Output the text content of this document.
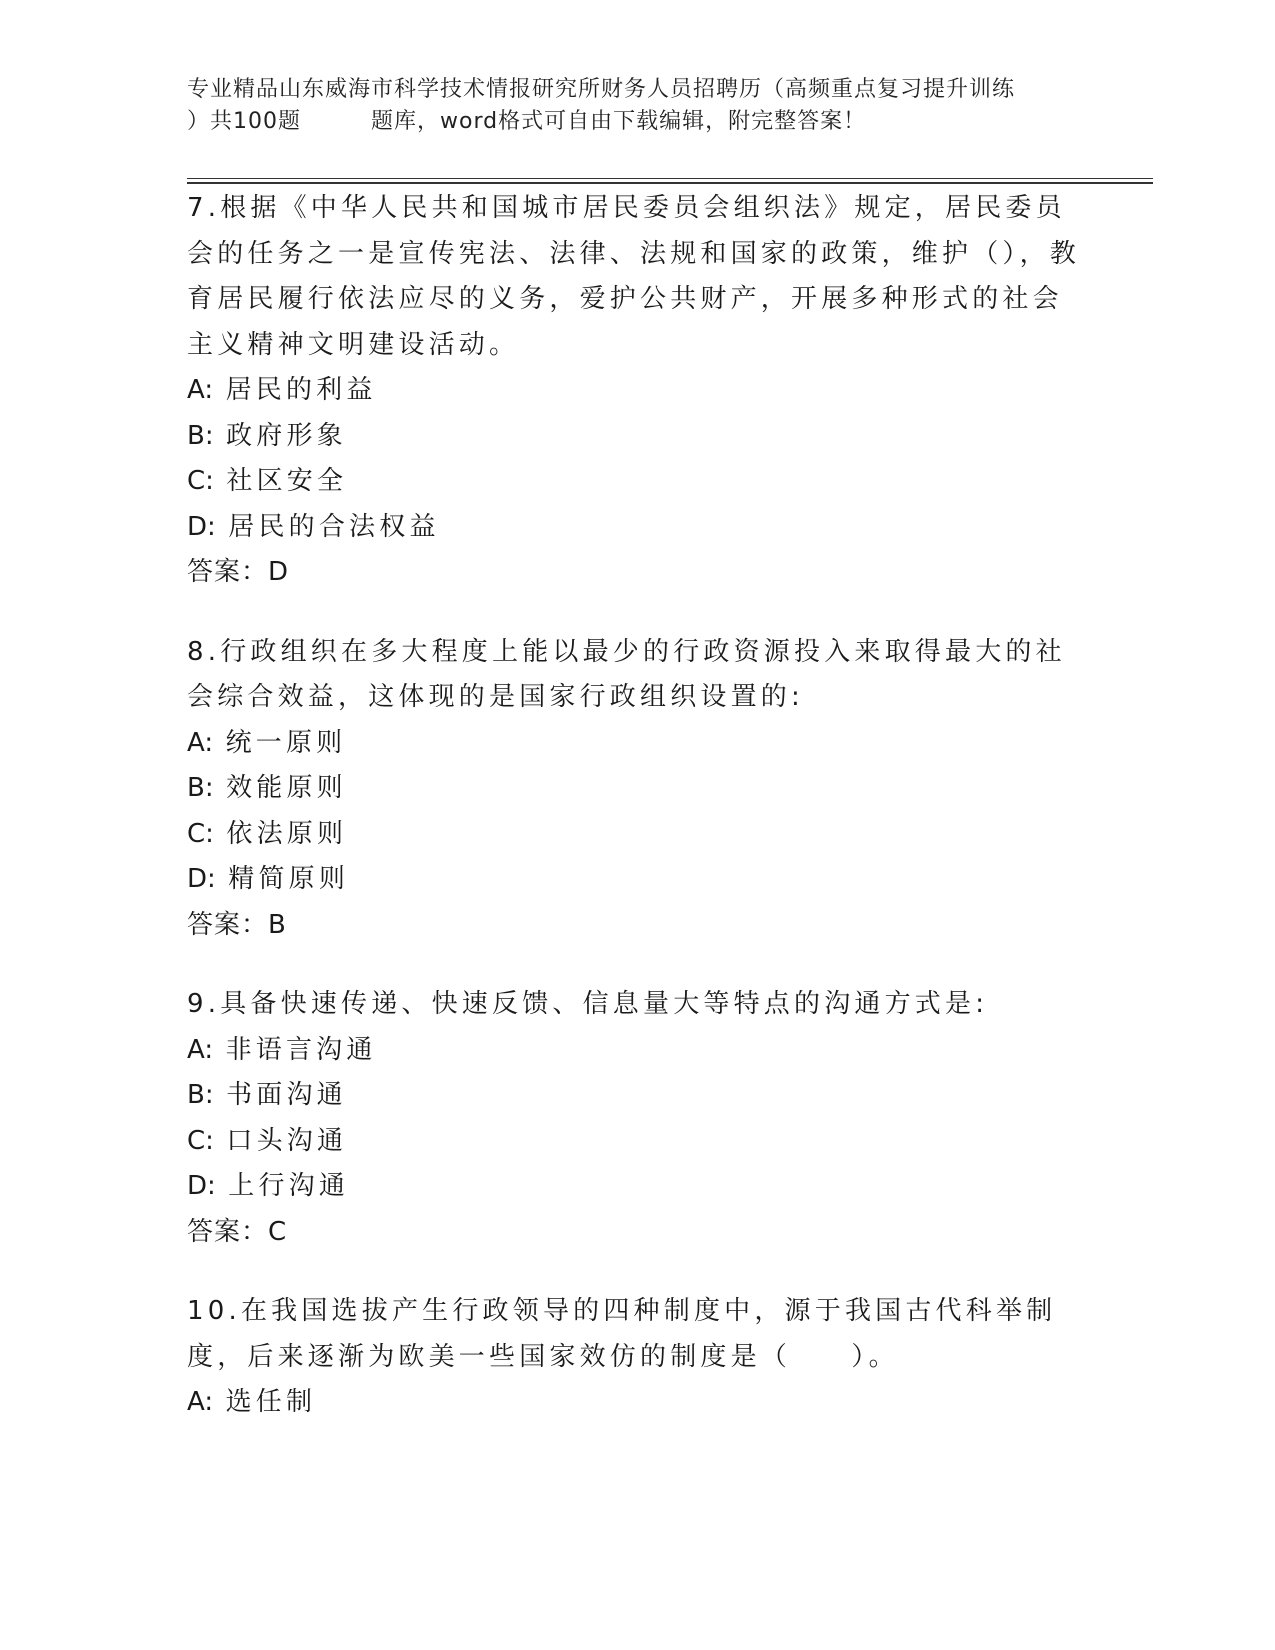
专业精品山东威海市科学技术情报研究所财务人员招聘历（高频重点复习提升训练
）共100题	题库，word格式可自由下载编辑，附完整答案！

7.根据《中华人民共和国城市居民委员会组织法》规定，居民委员会的任务之一是宣传宪法、法律、法规和国家的政策，维护（），教育居民履行依法应尽的义务，爱护公共财产，开展多种形式的社会主义精神文明建设活动。

A: 居民的利益
B: 政府形象
C: 社区安全
D: 居民的合法权益
答案：D

8.行政组织在多大程度上能以最少的行政资源投入来取得最大的社会综合效益，这体现的是国家行政组织设置的:

A: 统一原则
B: 效能原则
C: 依法原则
D: 精简原则
答案：B

9.具备快速传递、快速反馈、信息量大等特点的沟通方式是:

A: 非语言沟通
B: 书面沟通
C: 口头沟通
D: 上行沟通
答案：C

10.在我国选拔产生行政领导的四种制度中，源于我国古代科举制度，后来逐渐为欧美一些国家效仿的制度是（　　）。

A: 选任制
